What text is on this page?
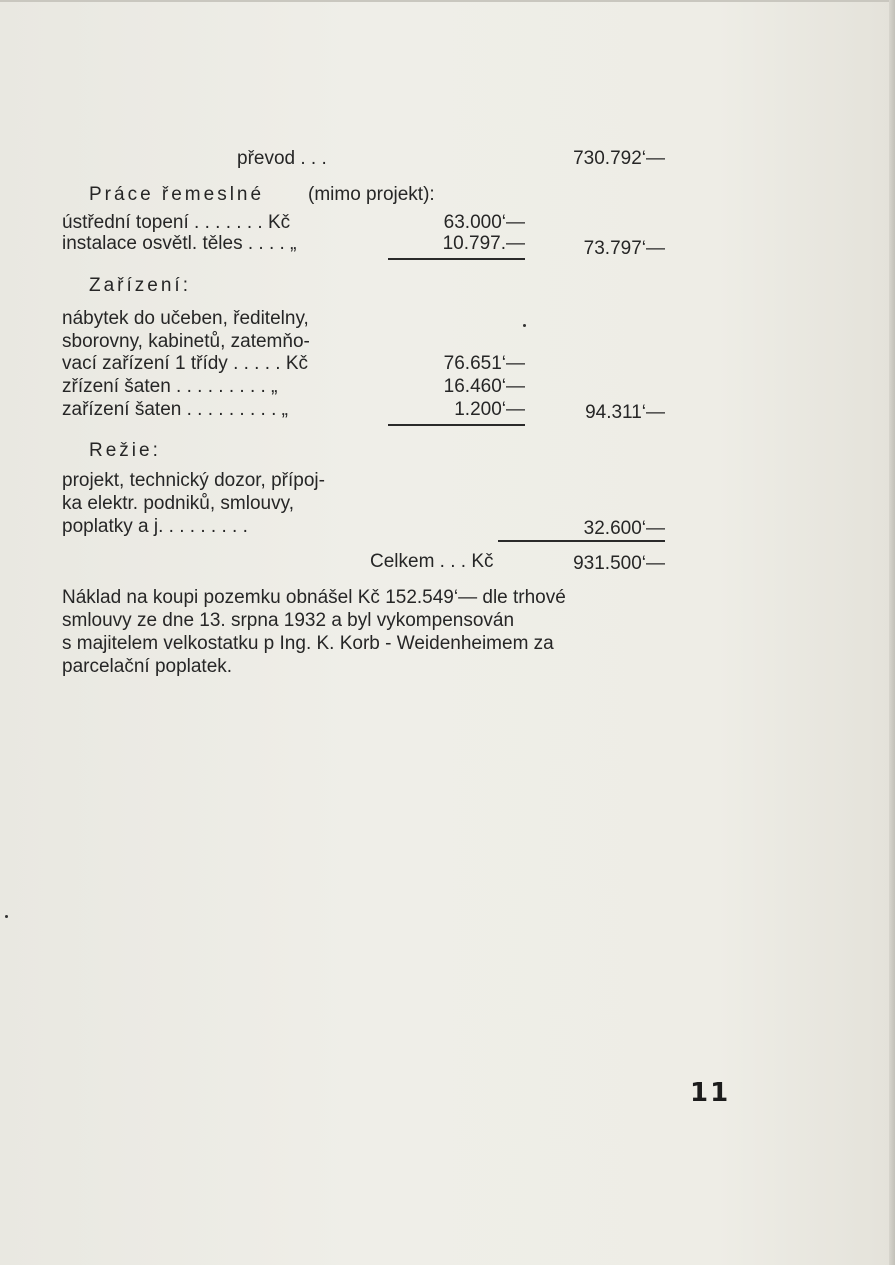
převod . . .	730.792‘—
Práce řemeslné (mimo projekt):
ústřední topení . . . . . . . Kč	63.000‘—
instalace osvětl. těles . . . . „	10.797.—	73.797‘—
Zařízení:
nábytek do učeben, ředitelny,
sborovny, kabinetů, zatemňo-
vací zařízení 1 třídy . . . . . Kč	76.651‘—
zřízení šaten . . . . . . . . . „	16.460‘—
zařízení šaten . . . . . . . . . „	1.200‘—	94.311‘—
Režie:
projekt, technický dozor, přípoj-
ka elektr. podniků, smlouvy,
poplatky a j. . . . . . . . .	32.600‘—
Celkem . . . Kč	931.500‘—
Náklad na koupi pozemku obnášel Kč 152.549‘— dle trhové
smlouvy ze dne 13. srpna 1932 a byl vykompensován
s majitelem velkostatku p Ing. K. Korb - Weidenheimem za
parcelační poplatek.
11
